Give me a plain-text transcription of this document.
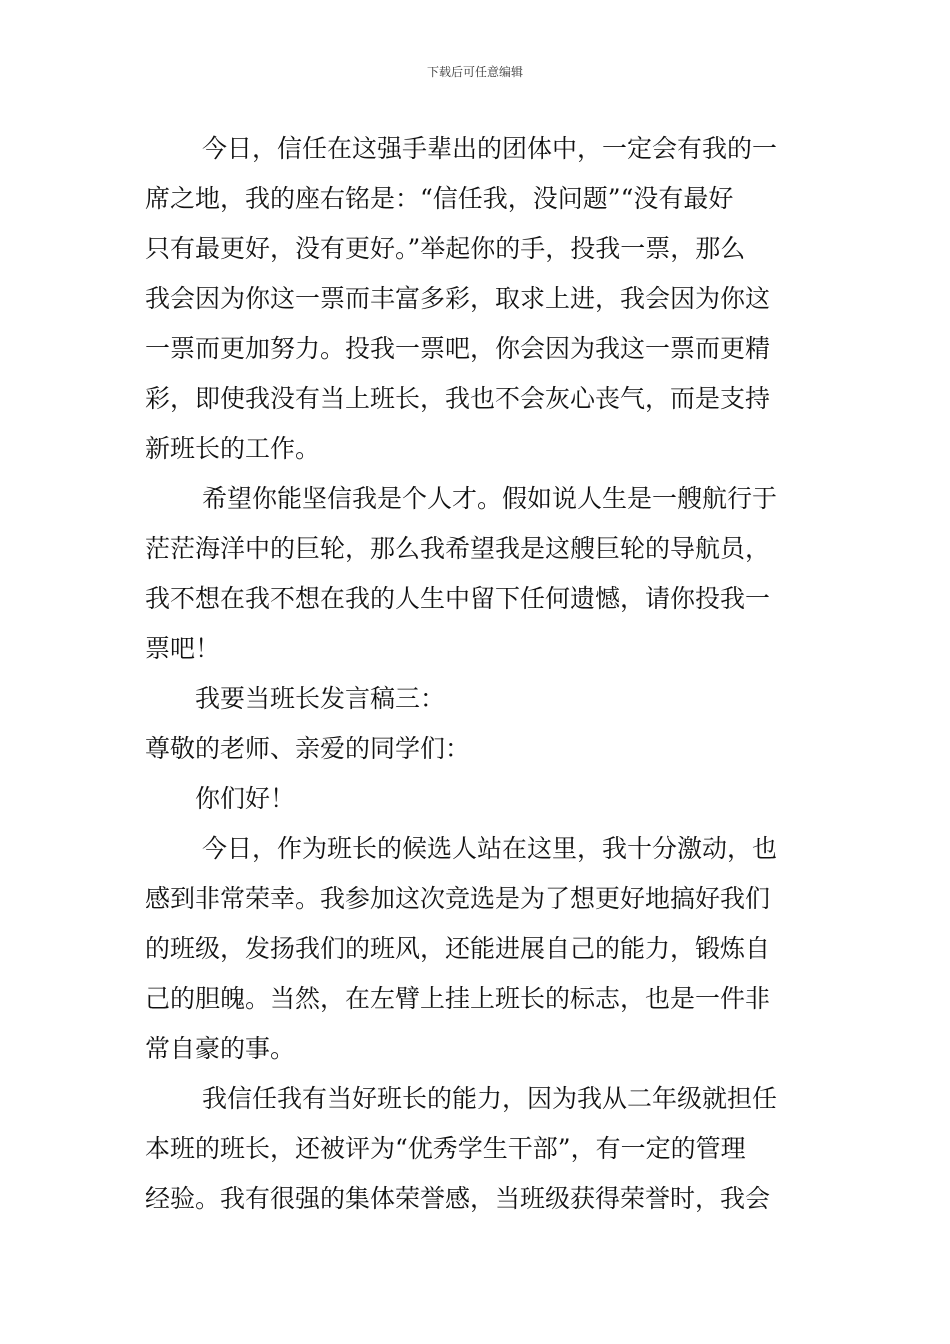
下载后可任意编辑
今日，信任在这强手辈出的团体中，一定会有我的一
席之地，我的座右铭是：“信任我，没问题”“没有最好
只有最更好，没有更好。”举起你的手，投我一票，那么
我会因为你这一票而丰富多彩，取求上进，我会因为你这
一票而更加努力。投我一票吧，你会因为我这一票而更精
彩，即使我没有当上班长，我也不会灰心丧气，而是支持
新班长的工作。
希望你能坚信我是个人才。假如说人生是一艘航行于
茫茫海洋中的巨轮，那么我希望我是这艘巨轮的导航员，
我不想在我不想在我的人生中留下任何遗憾，请你投我一
票吧！
我要当班长发言稿三：
尊敬的老师、亲爱的同学们：
你们好！
今日，作为班长的候选人站在这里，我十分激动，也
感到非常荣幸。我参加这次竞选是为了想更好地搞好我们
的班级，发扬我们的班风，还能进展自己的能力，锻炼自
己的胆魄。当然，在左臂上挂上班长的标志，也是一件非
常自豪的事。
我信任我有当好班长的能力，因为我从二年级就担任
本班的班长，还被评为“优秀学生干部”，有一定的管理
经验。我有很强的集体荣誉感，当班级获得荣誉时，我会
